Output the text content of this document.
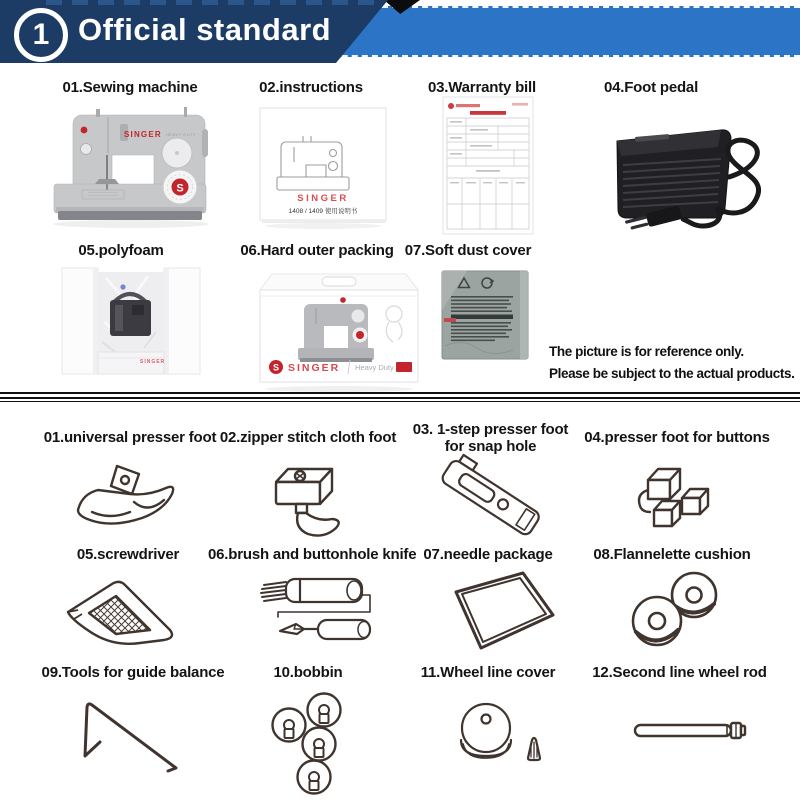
1 Official standard
01.Sewing machine	02.instructions	03.Warranty bill	04.Foot pedal
05.polyfoam	06.Hard outer packing 07.Soft dust cover
SINGER HEAVY DUTY
S
SINGER
1408 / 1409 使用说明书
SINGER
S SINGER Heavy Duty
The picture is for reference only.
Please be subject to the actual products.
01.universal presser foot 02.zipper stitch cloth foot	03. 1-step presser foot
for snap hole
04.presser foot for buttons
05.screwdriver	06.brush and buttonhole knife 07.needle package	08.Flannelette cushion
09.Tools for guide balance	10.bobbin	11.Wheel line cover	12.Second line wheel rod
